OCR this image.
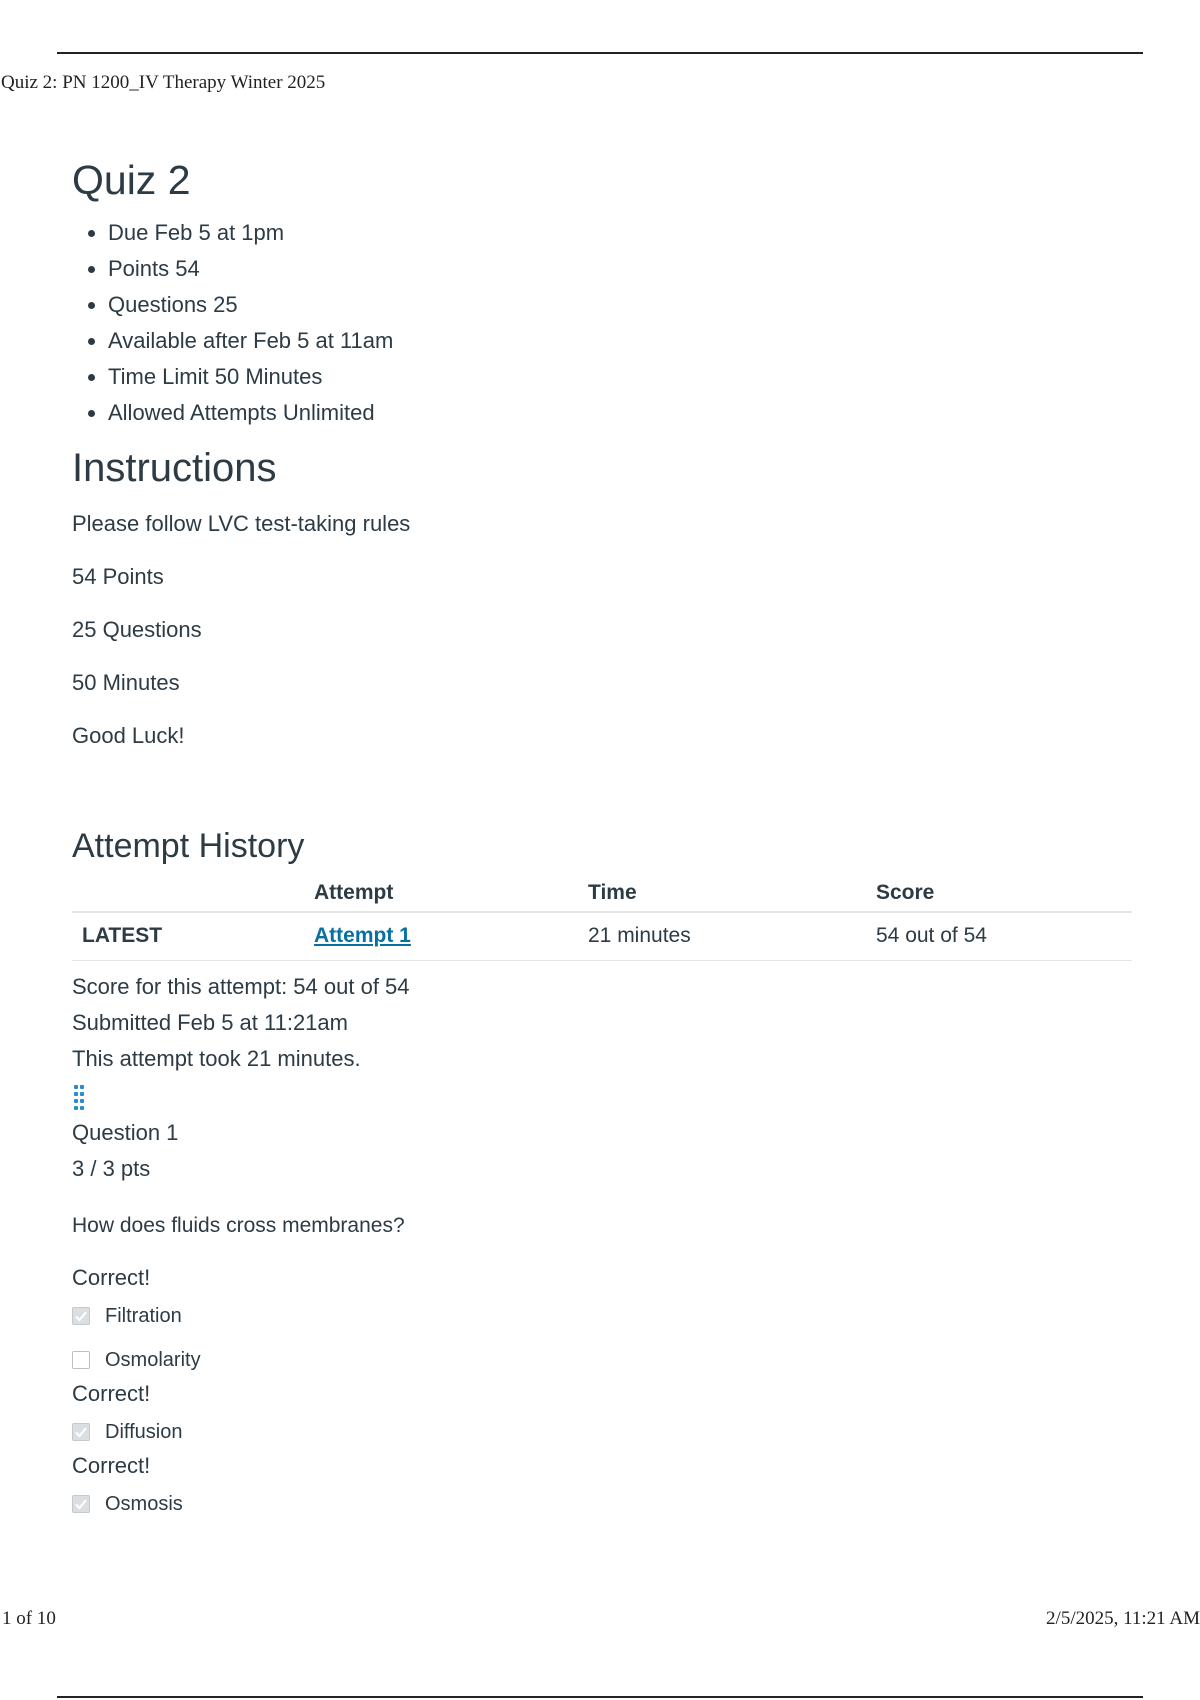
Quiz 2: PN 1200_IV Therapy Winter 2025
Quiz 2
• Due Feb 5 at 1pm
• Points 54
• Questions 25
• Available after Feb 5 at 11am
• Time Limit 50 Minutes
• Allowed Attempts Unlimited
Instructions

Please follow LVC test-taking rules

54 Points

25 Questions

50 Minutes

Good Luck!

Attempt History
	Attempt	Time	Score
LATEST	Attempt 1	21 minutes	54 out of 54

Score for this attempt: 54 out of 54

Submitted Feb 5 at 11:21am

This attempt took 21 minutes.

Question 1
3 / 3 pts
How does fluids cross membranes?
Correct!
Filtration
Osmolarity
Correct!
Diffusion
Correct!
Osmosis
1 of 10	2/5/2025, 11:21 AM
